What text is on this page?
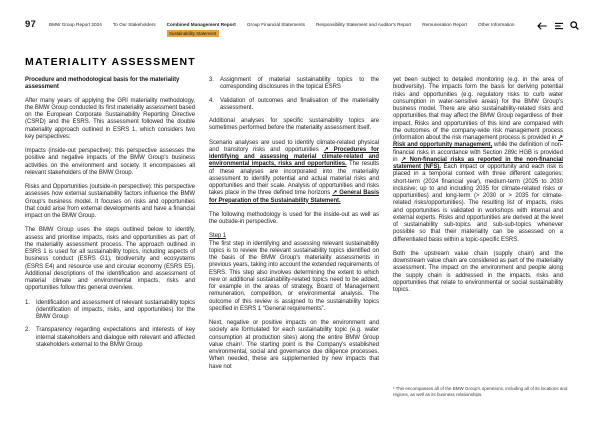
97	BMW Group Report 2024 To Our Stakeholders Combined Management Report
Sustainability Statement
Group Financial Statements Responsibility Statement and Auditor's Report Remuneration Report Other Information
MATERIALITY ASSESSMENT
Procedure and methodological basis for the materiality assessment

After many years of applying the GRI materiality methodology, the BMW Group conducted its first materiality assessment based on the European Corporate Sustainability Reporting Directive (CSRD) and the ESRS. This assessment followed the double materiality approach outlined in ESRS 1, which considers two key perspectives:

Impacts (inside-out perspective): this perspective assesses the positive and negative impacts of the BMW Group's business activities on the environment and society. It encompasses all relevant stakeholders of the BMW Group.

Risks and Opportunities (outside-in perspective): this perspective assesses how external sustainability factors influence the BMW Group's business model. It focuses on risks and opportunities that could arise from external developments and have a financial impact on the BMW Group.

The BMW Group uses the steps outlined below to identify, assess and prioritise impacts, risks and opportunities as part of the materiality assessment process. The approach outlined in ESRS 1 is used for all sustainability topics, including aspects of business conduct (ESRS G1), biodiversity and ecosystems (ESRS E4) and resource use and circular economy (ESRS E5). Additional descriptions of the identification and assessment of material climate and environmental impacts, risks and opportunities follow this general overview.

1.	Identification and assessment of relevant sustainability topics (identification of impacts, risks, and opportunities) for the BMW Group
2.	Transparency regarding expectations and interests of key internal stakeholders and dialogue with relevant and affected stakeholders external to the BMW Group
3.	Assignment of material sustainability topics to the corresponding disclosures in the topical ESRS
4.	Validation of outcomes and finalisation of the materiality assessment.

Additional analyses for specific sustainability topics are sometimes performed before the materiality assessment itself.

Scenario analyses are used to identify climate-related physical and transitory risks and opportunities ↗ Procedures for identifying and assessing material climate-related and environmental impacts, risks and opportunities. The results of these analyses are incorporated into the materiality assessment to identify potential and actual material risks and opportunities and their scale. Analysis of opportunities and risks takes place in the three defined time horizons ↗ General Basis for Preparation of the Sustainability Statement.

The following methodology is used for the inside-out as well as the outside-in perspective.

Step 1

The first step in identifying and assessing relevant sustainability topics is to review the relevant sustainability topics identified on the basis of the BMW Group's materiality assessments in previous years, taking into account the extended requirements of ESRS. This step also involves determining the extent to which new or additional sustainability-related topics need to be added, for example in the areas of strategy, Board of Management remuneration, competition, or environmental analysis. The outcome of this review is assigned to the sustainability topics specified in ESRS 1 “General requirements”.

Next, negative or positive impacts on the environment and society are formulated for each sustainability topic (e.g. water consumption at production sites) along the entire BMW Group value chain¹. The starting point is the Company's established environmental, social and governance due diligence processes. When needed, these are supplemented by new impacts that have not

yet been subject to detailed monitoring (e.g. in the area of biodiversity). The impacts form the basis for deriving potential risks and opportunities (e.g. regulatory risks to curb water consumption in water-sensitive areas) for the BMW Group's business model. There are also sustainability-related risks and opportunities that may affect the BMW Group regardless of their impact. Risks and opportunities of this kind are compared with the outcomes of the company-wide risk management process (information about the risk management process is provided in ↗ Risk and opportunity management, while the definition of non-financial risks in accordance with Section 289c HGB is provided in ↗ Non-financial risks as reported in the non-financial statement (NFS). Each impact or opportunity and each risk is placed in a temporal context with three different categories: short-term (2024 financial year), medium-term (2025 to 2030 inclusive; up to and including 2035 for climate-related risks or opportunities) and long-term (> 2030 or > 2035 for climate-related risks/opportunities). The resulting list of impacts, risks and opportunities is validated in workshops with internal and external experts. Risks and opportunities are derived at the level of sustainability sub-topics and sub-sub-topics whenever possible so that their materiality can be assessed on a differentiated basis within a topic-specific ESRS.

Both the upstream value chain (supply chain) and the downstream value chain are considered as part of the materiality assessment. The impact on the environment and people along the supply chain is addressed in the impacts, risks and opportunities that relate to environmental or social sustainability topics.

¹ This encompasses all of the BMW Group's operations, including all of its locations and regions, as well as its business relationships.
